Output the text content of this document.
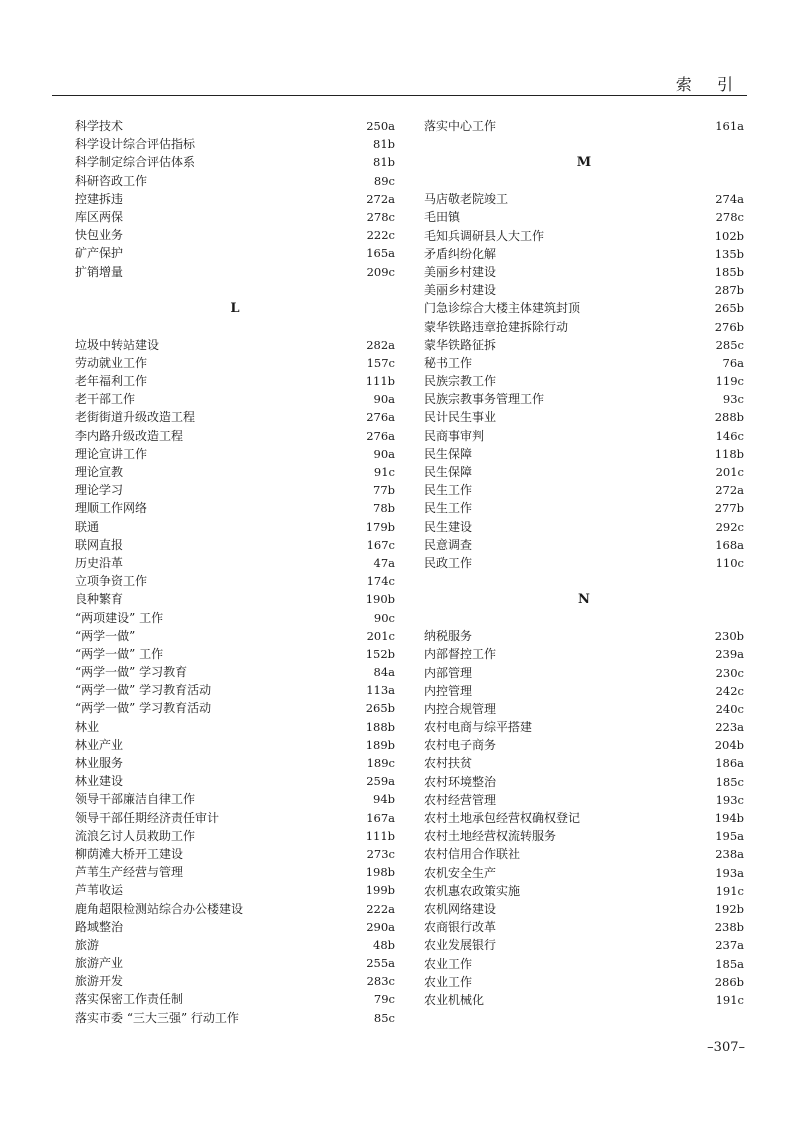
索 引
科学技术	250a
科学设计综合评估指标	81b
科学制定综合评估体系	81b
科研咨政工作	89c
控建拆违	272a
库区两保	278c
快包业务	222c
矿产保护	165a
扩销增量	209c
L
垃圾中转站建设	282a
劳动就业工作	157c
老年福利工作	111b
老干部工作	90a
老街街道升级改造工程	276a
李内路升级改造工程	276a
理论宣讲工作	90a
理论宣教	91c
理论学习	77b
理顺工作网络	78b
联通	179b
联网直报	167c
历史沿革	47a
立项争资工作	174c
良种繁育	190b
“两项建设” 工作	90c
“两学一做”	201c
“两学一做” 工作	152b
“两学一做” 学习教育	84a
“两学一做” 学习教育活动	113a
“两学一做” 学习教育活动	265b
林业	188b
林业产业	189b
林业服务	189c
林业建设	259a
领导干部廉洁自律工作	94b
领导干部任期经济责任审计	167a
流浪乞讨人员救助工作	111b
柳荫滩大桥开工建设	273c
芦苇生产经营与管理	198b
芦苇收运	199b
鹿角超限检测站综合办公楼建设	222a
路域整治	290a
旅游	48b
旅游产业	255a
旅游开发	283c
落实保密工作责任制	79c
落实市委 “三大三强” 行动工作	85c
落实中心工作	161a
M
马店敬老院竣工	274a
毛田镇	278c
毛知兵调研县人大工作	102b
矛盾纠纷化解	135b
美丽乡村建设	185b
美丽乡村建设	287b
门急诊综合大楼主体建筑封顶	265b
蒙华铁路违章抢建拆除行动	276b
蒙华铁路征拆	285c
秘书工作	76a
民族宗教工作	119c
民族宗教事务管理工作	93c
民计民生事业	288b
民商事审判	146c
民生保障	118b
民生保障	201c
民生工作	272a
民生工作	277b
民生建设	292c
民意调查	168a
民政工作	110c
N
纳税服务	230b
内部督控工作	239a
内部管理	230c
内控管理	242c
内控合规管理	240c
农村电商与综平搭建	223a
农村电子商务	204b
农村扶贫	186a
农村环境整治	185c
农村经营管理	193c
农村土地承包经营权确权登记	194b
农村土地经营权流转服务	195a
农村信用合作联社	238a
农机安全生产	193a
农机惠农政策实施	191c
农机网络建设	192b
农商银行改革	238b
农业发展银行	237a
农业工作	185a
农业工作	286b
农业机械化	191c
–307–
